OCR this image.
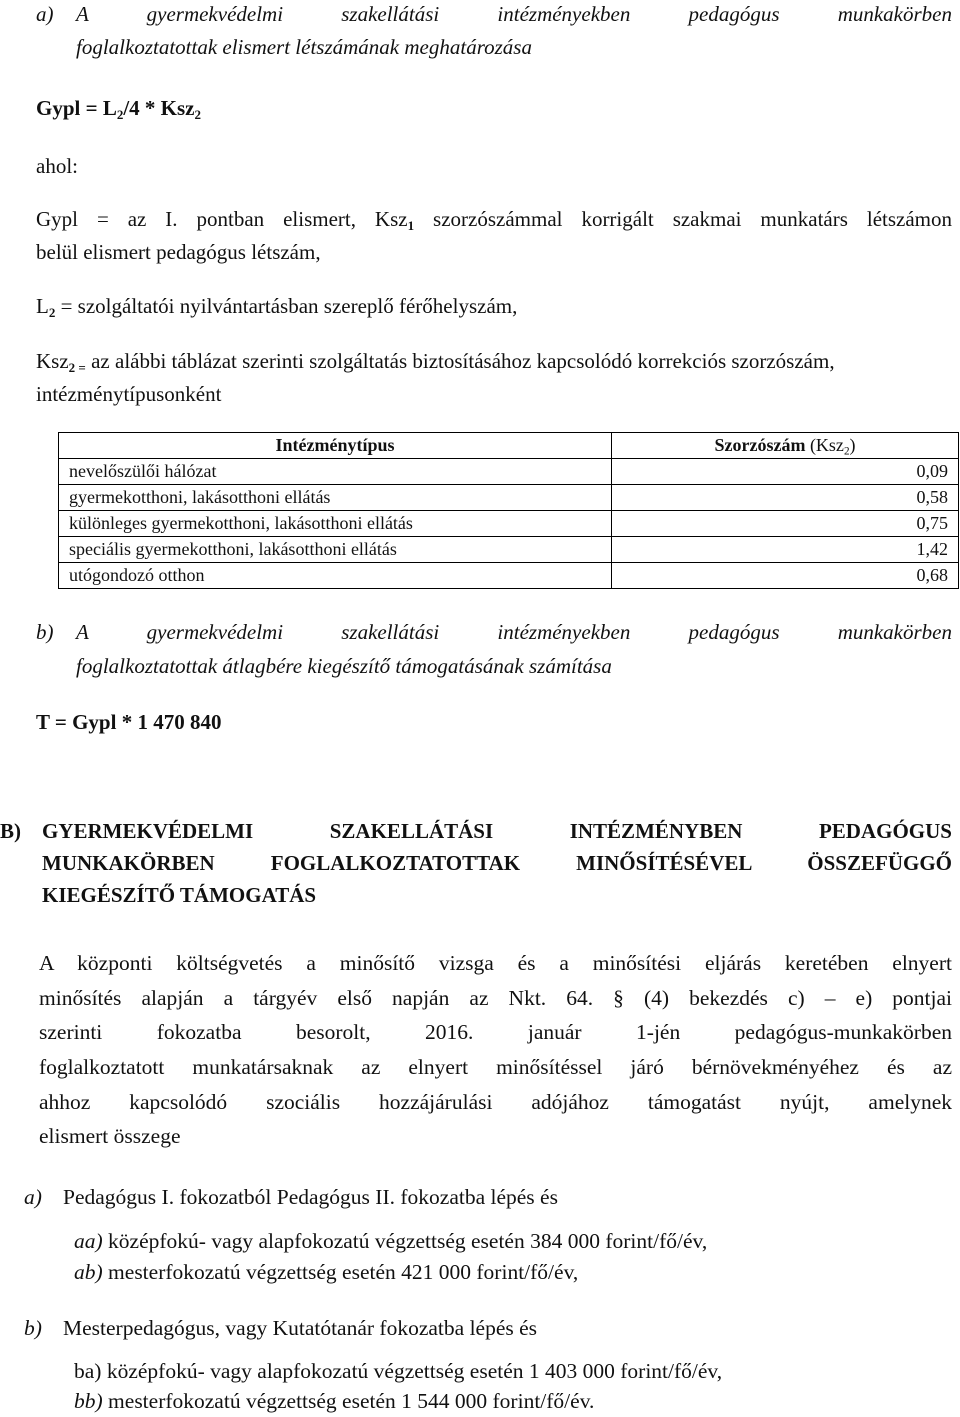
a) A gyermekvédelmi szakellátási intézményekben pedagógus munkakörben
foglalkoztatottak elismert létszámának meghatározása
Gypl = $L_2/4 * Ksz_2$
ahol:
Gypl = az I. pontban elismert, Ksz$_1$ szorzószámmal korrigált szakmai munkatárs létszámon
belül elismert pedagógus létszám,
$L_2$ = szolgáltatói nyilvántartásban szereplő férőhelyszám,
Ksz$_{2 =}$ az alábbi táblázat szerinti szolgáltatás biztosításához kapcsolódó korrekciós szorzószám,
intézménytípusonként
Intézménytípus	Szorzószám (Ksz$_2$)
nevelőszülői hálózat	0,09
gyermekotthoni, lakásotthoni ellátás	0,58
különleges gyermekotthoni, lakásotthoni ellátás	0,75
speciális gyermekotthoni, lakásotthoni ellátás	1,42
utógondozó otthon	0,68
b) A gyermekvédelmi szakellátási intézményekben pedagógus munkakörben
foglalkoztatottak átlagbére kiegészítő támogatásának számítása
T = Gypl * 1 470 840
B) GYERMEKVÉDELMI SZAKELLÁTÁSI INTÉZMÉNYBEN PEDAGÓGUS
MUNKAKÖRBEN FOGLALKOZTATOTTAK MINŐSÍTÉSÉVEL ÖSSZEFÜGGŐ
KIEGÉSZÍTŐ TÁMOGATÁS
A központi költségvetés a minősítő vizsga és a minősítési eljárás keretében elnyert
minősítés alapján a tárgyév első napján az Nkt. 64. § (4) bekezdés c) – e) pontjai
szerinti fokozatba besorolt, 2016. január 1-jén pedagógus-munkakörben
foglalkoztatott munkatársaknak az elnyert minősítéssel járó bérnövekményéhez és az
ahhoz kapcsolódó szociális hozzájárulási adójához támogatást nyújt, amelynek
elismert összege
a) Pedagógus I. fokozatból Pedagógus II. fokozatba lépés és
aa) középfokú- vagy alapfokozatú végzettség esetén 384 000 forint/fő/év,
ab) mesterfokozatú végzettség esetén 421 000 forint/fő/év,
b) Mesterpedagógus, vagy Kutatótanár fokozatba lépés és
ba) középfokú- vagy alapfokozatú végzettség esetén 1 403 000 forint/fő/év,
bb) mesterfokozatú végzettség esetén 1 544 000 forint/fő/év.
